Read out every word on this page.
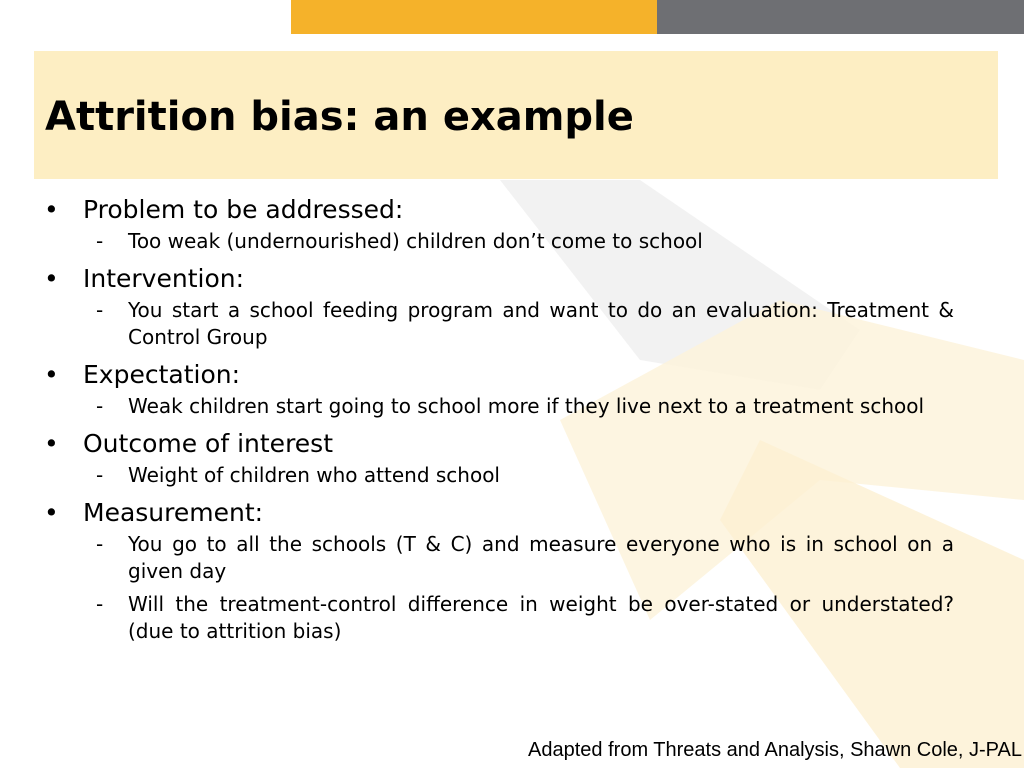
Attrition bias: an example
• Problem to be addressed:
-	Too weak (undernourished) children don’t come to school
• Intervention:
-	You start a school feeding program and want to do an evaluation: Treatment & Control Group
• Expectation:
-	Weak children start going to school more if they live next to a treatment school
• Outcome of interest
-	Weight of children who attend school
• Measurement:
-	You go to all the schools (T & C) and measure everyone who is in school on a given day
-	Will the treatment-control difference in weight be over-stated or understated? (due to attrition bias)
Adapted from Threats and Analysis, Shawn Cole, J-PAL
